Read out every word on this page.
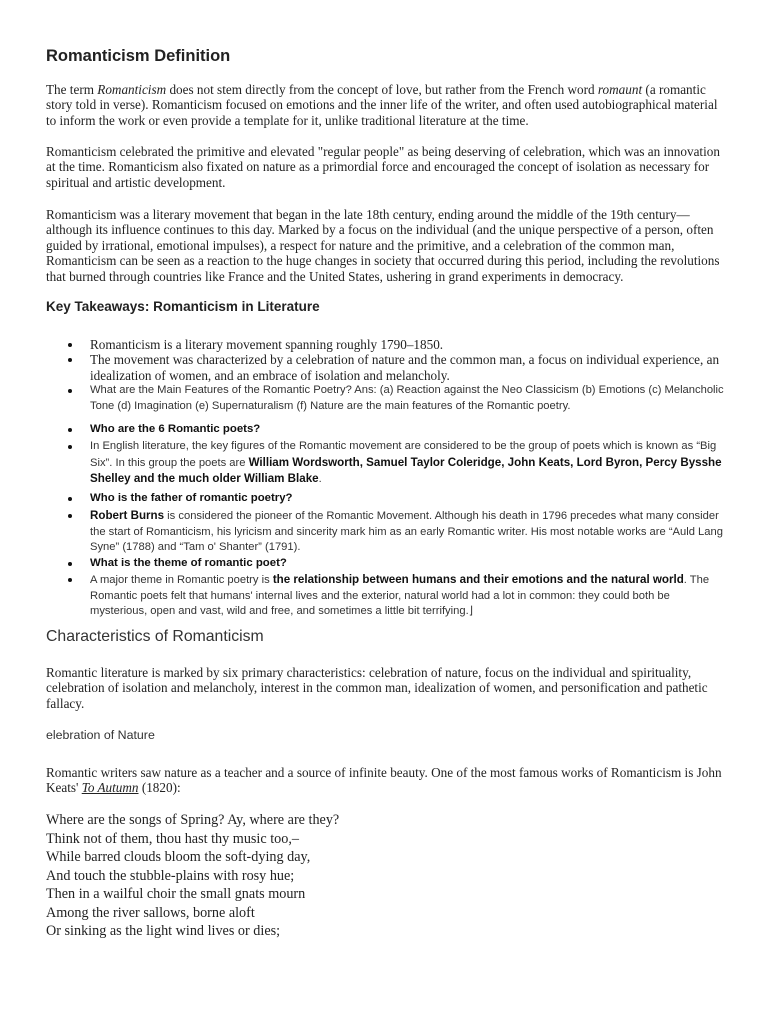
Romanticism Definition

The term Romanticism does not stem directly from the concept of love, but rather from the French word romaunt (a romantic story told in verse). Romanticism focused on emotions and the inner life of the writer, and often used autobiographical material to inform the work or even provide a template for it, unlike traditional literature at the time.

Romanticism celebrated the primitive and elevated "regular people" as being deserving of celebration, which was an innovation at the time. Romanticism also fixated on nature as a primordial force and encouraged the concept of isolation as necessary for spiritual and artistic development.

Romanticism was a literary movement that began in the late 18th century, ending around the middle of the 19th century—although its influence continues to this day. Marked by a focus on the individual (and the unique perspective of a person, often guided by irrational, emotional impulses), a respect for nature and the primitive, and a celebration of the common man, Romanticism can be seen as a reaction to the huge changes in society that occurred during this period, including the revolutions that burned through countries like France and the United States, ushering in grand experiments in democracy.

Key Takeaways: Romanticism in Literature
Romanticism is a literary movement spanning roughly 1790–1850.
The movement was characterized by a celebration of nature and the common man, a focus on individual experience, an idealization of women, and an embrace of isolation and melancholy.
What are the Main Features of the Romantic Poetry? Ans: (a) Reaction against the Neo Classicism (b) Emotions (c) Melancholic Tone (d) Imagination (e) Supernaturalism (f) Nature are the main features of the Romantic poetry.
Who are the 6 Romantic poets?
In English literature, the key figures of the Romantic movement are considered to be the group of poets which is known as “Big Six”. In this group the poets are William Wordsworth, Samuel Taylor Coleridge, John Keats, Lord Byron, Percy Bysshe Shelley and the much older William Blake.
Who is the father of romantic poetry?
Robert Burns is considered the pioneer of the Romantic Movement. Although his death in 1796 precedes what many consider the start of Romanticism, his lyricism and sincerity mark him as an early Romantic writer. His most notable works are “Auld Lang Syne” (1788) and “Tam o' Shanter” (1791).
What is the theme of romantic poet?
A major theme in Romantic poetry is the relationship between humans and their emotions and the natural world. The Romantic poets felt that humans' internal lives and the exterior, natural world had a lot in common: they could both be mysterious, open and vast, wild and free, and sometimes a little bit terrifying.⌋
Characteristics of Romanticism

Romantic literature is marked by six primary characteristics: celebration of nature, focus on the individual and spirituality, celebration of isolation and melancholy, interest in the common man, idealization of women, and personification and pathetic fallacy.

elebration of Nature

Romantic writers saw nature as a teacher and a source of infinite beauty. One of the most famous works of Romanticism is John Keats' To Autumn (1820):

Where are the songs of Spring? Ay, where are they?
Think not of them, thou hast thy music too,–
While barred clouds bloom the soft-dying day,
And touch the stubble-plains with rosy hue;
Then in a wailful choir the small gnats mourn
Among the river sallows, borne aloft
Or sinking as the light wind lives or dies;
